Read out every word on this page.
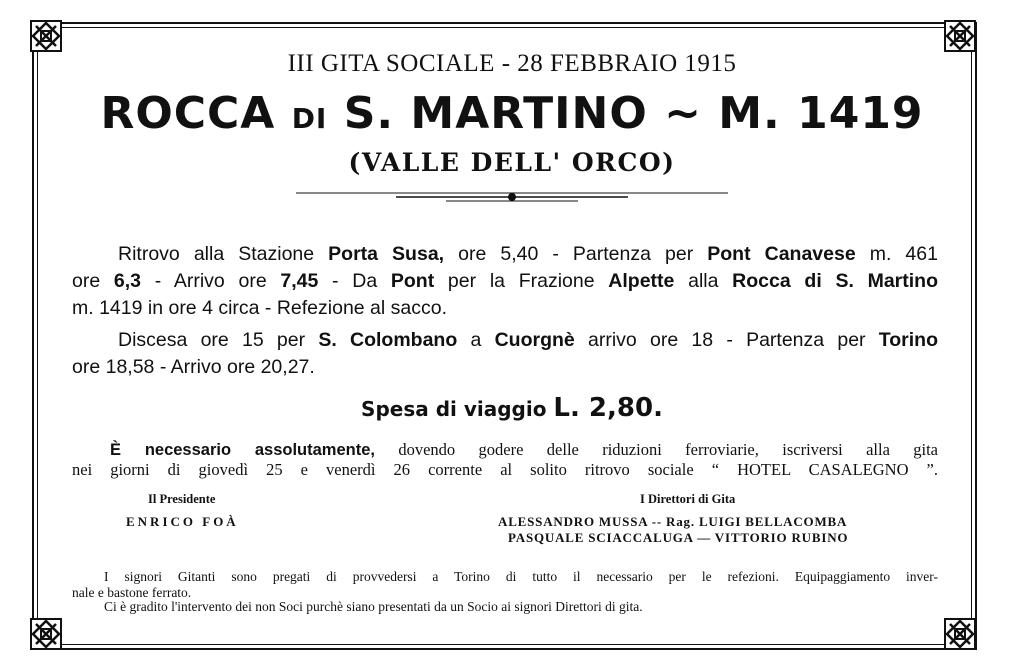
III GITA SOCIALE - 28 FEBBRAIO 1915
ROCCA DI S. MARTINO ~ M. 1419
(VALLE DELL' ORCO)
Ritrovo alla Stazione Porta Susa, ore 5,40 - Partenza per Pont Canavese m. 461
ore 6,3 - Arrivo ore 7,45 - Da Pont per la Frazione Alpette alla Rocca di S. Martino
m. 1419 in ore 4 circa - Refezione al sacco.
Discesa ore 15 per S. Colombano a Cuorgnè arrivo ore 18 - Partenza per Torino
ore 18,58 - Arrivo ore 20,27.
Spesa di viaggio L. 2,80.
È necessario assolutamente, dovendo godere delle riduzioni ferroviarie, iscriversi alla gita
nei giorni di giovedì 25 e venerdì 26 corrente al solito ritrovo sociale “ HOTEL CASALEGNO ”.
Il Presidente
ENRICO FOÀ
I Direttori di Gita
ALESSANDRO MUSSA -- Rag. LUIGI BELLACOMBA
PASQUALE SCIACCALUGA — VITTORIO RUBINO
I signori Gitanti sono pregati di provvedersi a Torino di tutto il necessario per le refezioni. Equipaggiamento inver-
nale e bastone ferrato.
Ci è gradito l'intervento dei non Soci purchè siano presentati da un Socio ai signori Direttori di gita.
